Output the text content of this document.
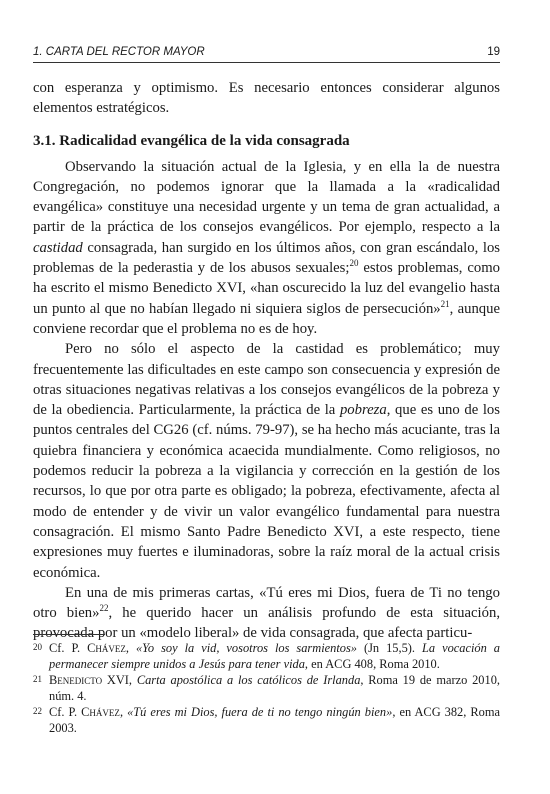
1. CARTA DEL RECTOR MAYOR	19

con esperanza y optimismo. Es necesario entonces considerar algunos elementos estratégicos.

3.1. Radicalidad evangélica de la vida consagrada

Observando la situación actual de la Iglesia, y en ella la de nuestra Congregación, no podemos ignorar que la llamada a la «radicalidad evangélica» constituye una necesidad urgente y un tema de gran actualidad, a partir de la práctica de los consejos evangélicos. Por ejemplo, respecto a la castidad consagrada, han surgido en los últimos años, con gran escándalo, los problemas de la pederastia y de los abusos sexuales;$^{20}$ estos problemas, como ha escrito el mismo Benedicto XVI, «han oscurecido la luz del evangelio hasta un punto al que no habían llegado ni siquiera siglos de persecución»$^{21}$, aunque conviene recordar que el problema no es de hoy.

Pero no sólo el aspecto de la castidad es problemático; muy frecuentemente las dificultades en este campo son consecuencia y expresión de otras situaciones negativas relativas a los consejos evangélicos de la pobreza y de la obediencia. Particularmente, la práctica de la pobreza, que es uno de los puntos centrales del CG26 (cf. núms. 79-97), se ha hecho más acuciante, tras la quiebra financiera y económica acaecida mundialmente. Como religiosos, no podemos reducir la pobreza a la vigilancia y corrección en la gestión de los recursos, lo que por otra parte es obligado; la pobreza, efectivamente, afecta al modo de entender y de vivir un valor evangélico fundamental para nuestra consagración. El mismo Santo Padre Benedicto XVI, a este respecto, tiene expresiones muy fuertes e iluminadoras, sobre la raíz moral de la actual crisis económica.

En una de mis primeras cartas, «Tú eres mi Dios, fuera de Ti no tengo otro bien»$^{22}$, he querido hacer un análisis profundo de esta situación, provocada por un «modelo liberal» de vida consagrada, que afecta particu-

20 Cf. P. Chávez, «Yo soy la vid, vosotros los sarmientos» (Jn 15,5). La vocación a permanecer siempre unidos a Jesús para tener vida, en ACG 408, Roma 2010.

21 Benedicto XVI, Carta apostólica a los católicos de Irlanda, Roma 19 de marzo 2010, núm. 4.

22 Cf. P. Chávez, «Tú eres mi Dios, fuera de ti no tengo ningún bien», en ACG 382, Roma 2003.
